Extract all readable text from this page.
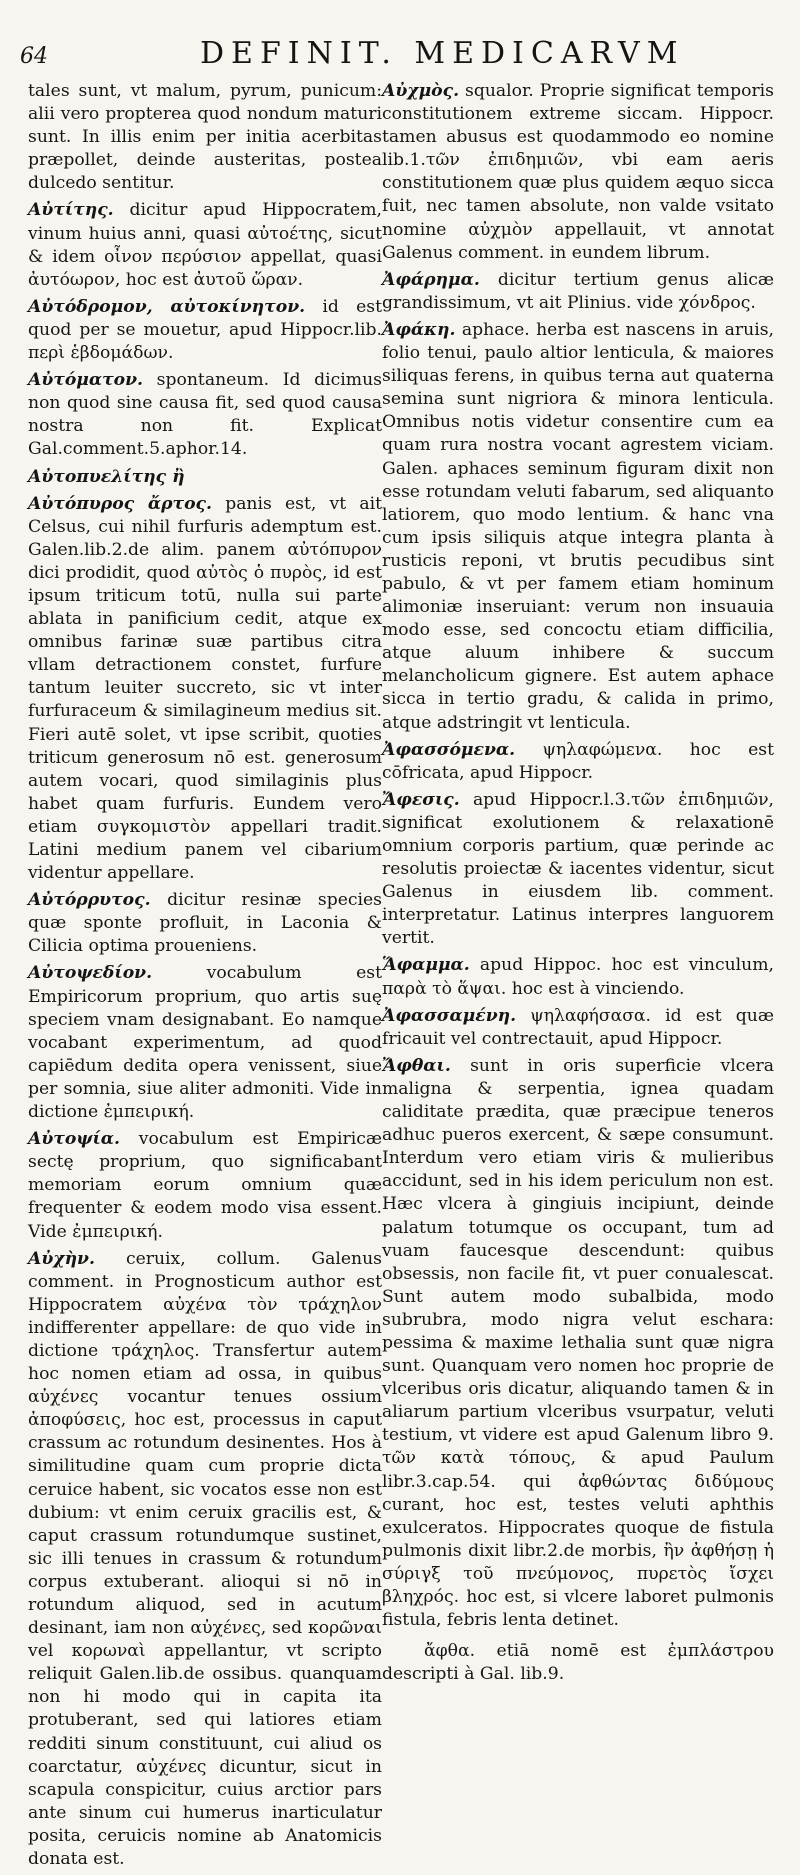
64	DEFINIT. MEDICARVM

tales sunt, vt malum, pyrum, punicum: alii vero propterea quod nondum maturi sunt. In illis enim per initia acerbitas præpollet, deinde austeritas, postea dulcedo sentitur.

Αὐτίτης. dicitur apud Hippocratem, vinum huius anni, quasi αὐτοέτης, sicut & idem οἶνον περύσιον appellat, quasi ἀυτόωρον, hoc est ἀυτοῦ ὥραν.

Αὐτόδρομον, αὐτοκίνητον. id est quod per se mouetur, apud Hippocr.lib. περὶ ἑβδομάδων.

Αὐτόματον. spontaneum. Id dicimus non quod sine causa fit, sed quod causa nostra non fit. Explicat Gal.comment.5.aphor.14.

Αὐτοπυελίτης ἢ

Αὐτόπυρος ἄρτος. panis est, vt ait Celsus, cui nihil furfuris ademptum est. Galen.lib.2.de alim. panem αὐτόπυρον dici prodidit, quod αὐτὸς ὁ πυρὸς, id est ipsum triticum totū, nulla sui parte ablata in panificium cedit, atque ex omnibus farinæ suæ partibus citra vllam detractionem constet, furfure tantum leuiter succreto, sic vt inter furfuraceum & similagineum medius sit. Fieri autē solet, vt ipse scribit, quoties triticum generosum nō est. generosum autem vocari, quod similaginis plus habet quam furfuris. Eundem vero etiam συγκομιστὸν appellari tradit. Latini medium panem vel cibarium videntur appellare.

Αὐτόρρυτος. dicitur resinæ species quæ sponte profluit, in Laconia & Cilicia optima proueniens.

Αὐτοψεδίον.	vocabulum est Empiricorum proprium, quo artis suę speciem vnam designabant. Eo namque vocabant experimentum, ad quod capiēdum dedita opera venissent, siue per somnia, siue aliter admoniti. Vide in dictione ἐμπειρική.

Αὐτοψία. vocabulum est Empiricæ sectę proprium, quo significabant memoriam eorum omnium quæ frequenter & eodem modo visa essent. Vide ἐμπειρική.

Αὐχὴν. ceruix, collum. Galenus comment. in Prognosticum author est Hippocratem αὐχένα τὸν τράχηλον indifferenter appellare: de quo vide in dictione τράχηλος. Transfertur autem hoc nomen etiam ad ossa, in quibus αὐχένες vocantur tenues ossium ἀποφύσεις, hoc est, processus in caput crassum ac rotundum desinentes. Hos à similitudine quam cum proprie dicta ceruice habent, sic vocatos esse non est dubium: vt enim ceruix gracilis est, & caput crassum rotundumque sustinet, sic illi tenues in crassum & rotundum corpus extuberant. alioqui si nō in rotundum aliquod, sed in acutum desinant, iam non αὐχένες, sed κορῶναι vel κορωναὶ appellantur, vt scripto reliquit Galen.lib.de ossibus. quanquam non hi modo qui in capita ita protuberant, sed qui latiores etiam redditi sinum constituunt, cui aliud os coarctatur, αὐχένες dicuntur, sicut in scapula conspicitur, cuius arctior pars ante sinum cui humerus inarticulatur posita, ceruicis nomine ab Anatomicis donata est.

Αὐχμὸς. squalor. Proprie significat temporis constitutionem extreme siccam. Hippocr. tamen abusus est quodammodo eo nomine lib.1.τῶν ἐπιδημιῶν, vbi eam aeris constitutionem quæ plus quidem æquo sicca fuit, nec tamen absolute, non valde vsitato nomine αὐχμὸν appellauit, vt annotat Galenus comment. in eundem librum.

Ἀφάρημα. dicitur tertium genus alicæ grandissimum, vt ait Plinius. vide χόνδρος.

Ἀφάκη. aphace. herba est nascens in aruis, folio tenui, paulo altior lenticula, & maiores siliquas ferens, in quibus terna aut quaterna semina sunt nigriora & minora lenticula. Omnibus notis videtur consentire cum ea quam rura nostra vocant agrestem viciam. Galen. aphaces seminum figuram dixit non esse rotundam veluti fabarum, sed aliquanto latiorem, quo modo lentium. & hanc vna cum ipsis siliquis atque integra planta à rusticis reponi, vt brutis pecudibus sint pabulo, & vt per famem etiam hominum alimoniæ inseruiant: verum non insuauia modo esse, sed concoctu etiam difficilia, atque aluum inhibere & succum melancholicum gignere. Est autem aphace sicca in tertio gradu, & calida in primo, atque adstringit vt lenticula.

Ἀφασσόμενα. ψηλαφώμενα. hoc est cōfricata, apud Hippocr.

Ἄφεσις. apud Hippocr.l.3.τῶν ἐπιδημιῶν, significat exolutionem & relaxationē omnium corporis partium, quæ perinde ac resolutis proiectæ & iacentes videntur, sicut Galenus in eiusdem lib. comment. interpretatur. Latinus interpres languorem vertit.

Ἅφαμμα. apud Hippoc. hoc est vinculum, παρὰ τὸ ἅψαι. hoc est à vinciendo.

Ἀφασσαμένη. ψηλαφήσασα. id est quæ fricauit vel contrectauit, apud Hippocr.

Ἄφθαι. sunt in oris superficie vlcera maligna & serpentia, ignea quadam caliditate prædita, quæ præcipue teneros adhuc pueros exercent, & sæpe consumunt. Interdum vero etiam viris & mulieribus accidunt, sed in his idem periculum non est. Hæc vlcera à gingiuis incipiunt, deinde palatum totumque os occupant, tum ad vuam faucesque descendunt: quibus obsessis, non facile fit, vt puer conualescat. Sunt autem modo subalbida, modo subrubra, modo nigra velut eschara: pessima & maxime lethalia sunt quæ nigra sunt. Quanquam vero nomen hoc proprie de vlceribus oris dicatur, aliquando tamen & in aliarum partium vlceribus vsurpatur, veluti testium, vt videre est apud Galenum libro 9. τῶν κατὰ τόπους, & apud Paulum libr.3.cap.54. qui ἀφθώντας διδύμους curant, hoc est, testes veluti aphthis exulceratos. Hippocrates quoque de fistula pulmonis dixit libr.2.de morbis, ἢν ἀφθήσῃ ἡ σύριγξ τοῦ πνεύμονος, πυρετὸς ἴσχει βληχρός. hoc est, si vlcere laboret pulmonis fistula, febris lenta detinet.

ἄφθα. etiā nomē est ἐμπλάστρου descripti à Gal. lib.9.
